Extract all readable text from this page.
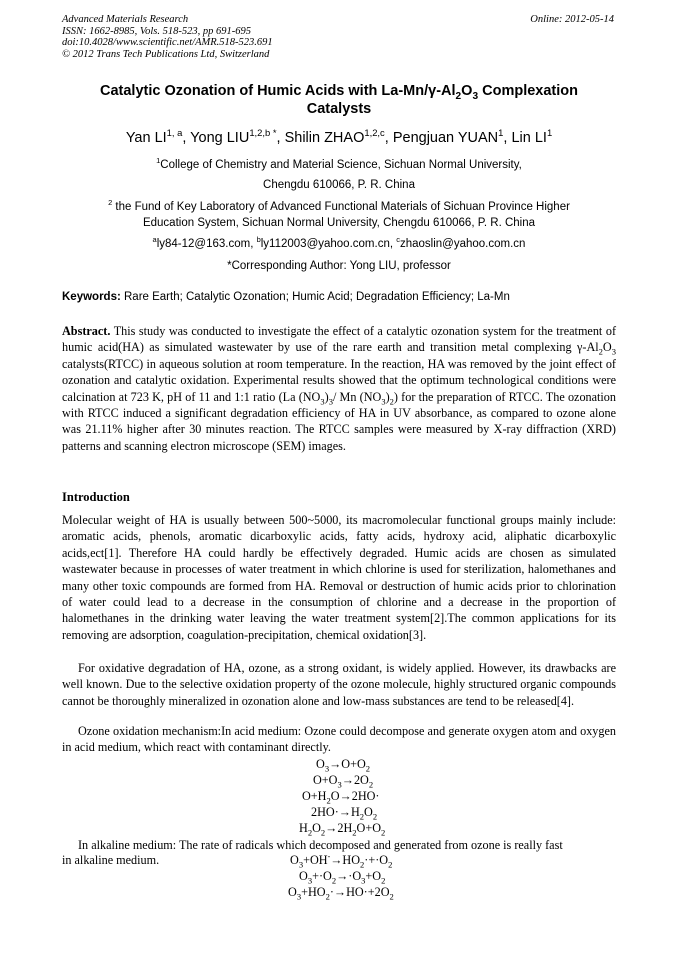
Advanced Materials Research
ISSN: 1662-8985, Vols. 518-523, pp 691-695
doi:10.4028/www.scientific.net/AMR.518-523.691
© 2012 Trans Tech Publications Ltd, Switzerland
Online: 2012-05-14
Catalytic Ozonation of Humic Acids with $La-Mn/\gamma-Al_2O_3$ Complexation
Catalysts
Yan LI$^{1, a}$, Yong $LIU^{1,2,b *}$, Shilin ZHAO$^{1,2,c}$, Pengjuan YUAN$^1$, Lin $LI^1$
$^1$College of Chemistry and Material Science, Sichuan Normal University,
Chengdu 610066, P. R. China
$^2$ the Fund of Key Laboratory of Advanced Functional Materials of Sichuan Province Higher
Education System, Sichuan Normal University, Chengdu 610066, P. R. China
$^a$ly84-12@163.com, $^b$ly112003@yahoo.com.cn, $^c$zhaoslin@yahoo.com.cn
*Corresponding Author: Yong LIU, professor
Keywords: Rare Earth; Catalytic Ozonation; Humic Acid; Degradation Efficiency; La-Mn
Abstract. This study was conducted to investigate the effect of a catalytic ozonation system for the treatment of humic acid(HA) as simulated wastewater by use of the rare earth and transition metal complexing $\gamma-Al_2O_3$ catalysts(RTCC) in aqueous solution at room temperature. In the reaction, HA was removed by the joint effect of ozonation and catalytic oxidation. Experimental results showed that the optimum technological conditions were calcination at 723 K, pH of 11 and 1:1 ratio (La $(NO_3)_3/$ Mn $(NO_3)_2$) for the preparation of RTCC. The ozonation with RTCC induced a significant degradation efficiency of HA in UV absorbance, as compared to ozone alone was 21.11% higher after 30 minutes reaction. The RTCC samples were measured by X-ray diffraction (XRD) patterns and scanning electron microscope (SEM) images.
Introduction
Molecular weight of HA is usually between 500~5000, its macromolecular functional groups mainly include: aromatic acids, phenols, aromatic dicarboxylic acids, fatty acids, hydroxy acid, aliphatic dicarboxylic acids,ect[1]. Therefore HA could hardly be effectively degraded. Humic acids are chosen as simulated wastewater because in processes of water treatment in which chlorine is used for sterilization, halomethanes and many other toxic compounds are formed from HA. Removal or destruction of humic acids prior to chlorination of water could lead to a decrease in the consumption of chlorine and a decrease in the proportion of halomethanes in the drinking water leaving the water treatment system[2].The common applications for its removing are adsorption, coagulation-precipitation, chemical oxidation[3].
For oxidative degradation of HA, ozone, as a strong oxidant, is widely applied. However, its drawbacks are well known. Due to the selective oxidation property of the ozone molecule, highly structured organic compounds cannot be thoroughly mineralized in ozonation alone and low-mass substances are tend to be released[4].
Ozone oxidation mechanism:In acid medium: Ozone could decompose and generate oxygen atom and oxygen in acid medium, which react with contaminant directly.
$O_3\to O+O_2$
$O+O_3\to 2O_2$
$O+H_2O\to 2HO\cdot$
$2HO\cdot\to H_2O_2$
$H_2O_2\to 2H_2O+O_2$
In alkaline medium: The rate of radicals which decomposed and generated from ozone is really fast
in alkaline medium.	$O_3+OH^-\to HO_2\cdot+\cdot O_2$
$O_3+\cdot O_2\to\cdot O_3+O_2$
$O_3+HO_2\cdot\to HO\cdot+2O_2$
